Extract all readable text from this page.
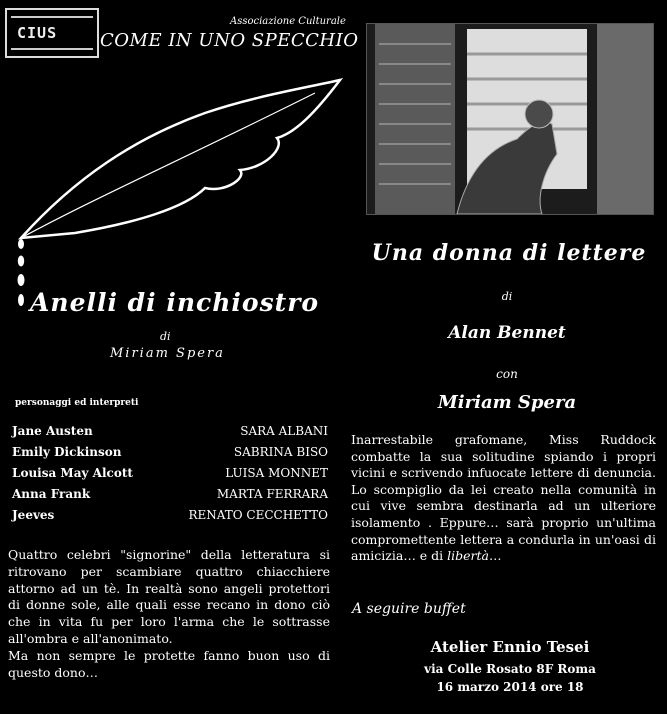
CIUS
Associazione Culturale
COME IN UNO SPECCHIO
Anelli di inchiostro
di
Miriam Spera
personaggi ed interpreti
Jane Austen	SARA ALBANI
Emily Dickinson	SABRINA BISO
Louisa May Alcott	LUISA MONNET
Anna Frank	MARTA FERRARA
Jeeves	RENATO CECCHETTO
Quattro celebri "signorine" della letteratura si ritrovano per scambiare quattro chiacchiere attorno ad un tè. In realtà sono angeli protettori di donne sole, alle quali esse recano in dono ciò che in vita fu per loro l'arma che le sottrasse all'ombra e all'anonimato.
Ma non sempre le protette fanno buon uso di questo dono…
Una donna di lettere
di
Alan Bennet
con
Miriam Spera
Inarrestabile grafomane, Miss Ruddock combatte la sua solitudine spiando i propri vicini e scrivendo infuocate lettere di denuncia. Lo scompiglio da lei creato nella comunità in cui vive sembra destinarla ad un ulteriore isolamento . Eppure… sarà proprio un'ultima compromettente lettera a condurla in un'oasi di amicizia… e di libertà…
A seguire buffet
Atelier Ennio Tesei
via Colle Rosato 8F Roma
16 marzo 2014 ore 18
